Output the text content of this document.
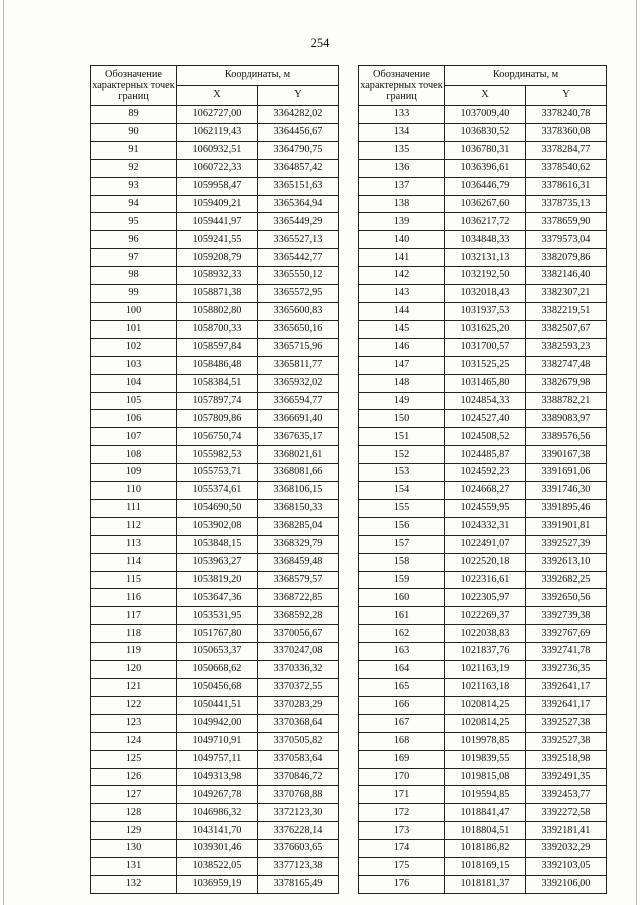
254
Обозначение характерных точек границ	Координаты, м	
	X	Y
89	1062727,00	3364282,02
90	1062119,43	3364456,67
91	1060932,51	3364790,75
92	1060722,33	3364857,42
93	1059958,47	3365151,63
94	1059409,21	3365364,94
95	1059441,97	3365449,29
96	1059241,55	3365527,13
97	1059208,79	3365442,77
98	1058932,33	3365550,12
99	1058871,38	3365572,95
100	1058802,80	3365600,83
101	1058700,33	3365650,16
102	1058597,84	3365715,96
103	1058486,48	3365811,77
104	1058384,51	3365932,02
105	1057897,74	3366594,77
106	1057809,86	3366691,40
107	1056750,74	3367635,17
108	1055982,53	3368021,61
109	1055753,71	3368081,66
110	1055374,61	3368106,15
111	1054690,50	3368150,33
112	1053902,08	3368285,04
113	1053848,15	3368329,79
114	1053963,27	3368459,48
115	1053819,20	3368579,57
116	1053647,36	3368722,85
117	1053531,95	3368592,28
118	1051767,80	3370056,67
119	1050653,37	3370247,08
120	1050668,62	3370336,32
121	1050456,68	3370372,55
122	1050441,51	3370283,29
123	1049942,00	3370368,64
124	1049710,91	3370505,82
125	1049757,11	3370583,64
126	1049313,98	3370846,72
127	1049267,78	3370768,88
128	1046986,32	3372123,30
129	1043141,70	3376228,14
130	1039301,46	3376603,65
131	1038522,05	3377123,38
132	1036959,19	3378165,49
Обозначение характерных точек границ	Координаты, м	
	X	Y
133	1037009,40	3378240,78
134	1036830,52	3378360,08
135	1036780,31	3378284,77
136	1036396,61	3378540,62
137	1036446,79	3378616,31
138	1036267,60	3378735,13
139	1036217,72	3378659,90
140	1034848,33	3379573,04
141	1032131,13	3382079,86
142	1032192,50	3382146,40
143	1032018,43	3382307,21
144	1031937,53	3382219,51
145	1031625,20	3382507,67
146	1031700,57	3382593,23
147	1031525,25	3382747,48
148	1031465,80	3382679,98
149	1024854,33	3388782,21
150	1024527,40	3389083,97
151	1024508,52	3389576,56
152	1024485,87	3390167,38
153	1024592,23	3391691,06
154	1024668,27	3391746,30
155	1024559,95	3391895,46
156	1024332,31	3391901,81
157	1022491,07	3392527,39
158	1022520,18	3392613,10
159	1022316,61	3392682,25
160	1022305,97	3392650,56
161	1022269,37	3392739,38
162	1022038,83	3392767,69
163	1021837,76	3392741,78
164	1021163,19	3392736,35
165	1021163,18	3392641,17
166	1020814,25	3392641,17
167	1020814,25	3392527,38
168	1019978,85	3392527,38
169	1019839,55	3392518,98
170	1019815,08	3392491,35
171	1019594,85	3392453,77
172	1018841,47	3392272,58
173	1018804,51	3392181,41
174	1018186,82	3392032,29
175	1018169,15	3392103,05
176	1018181,37	3392106,00
